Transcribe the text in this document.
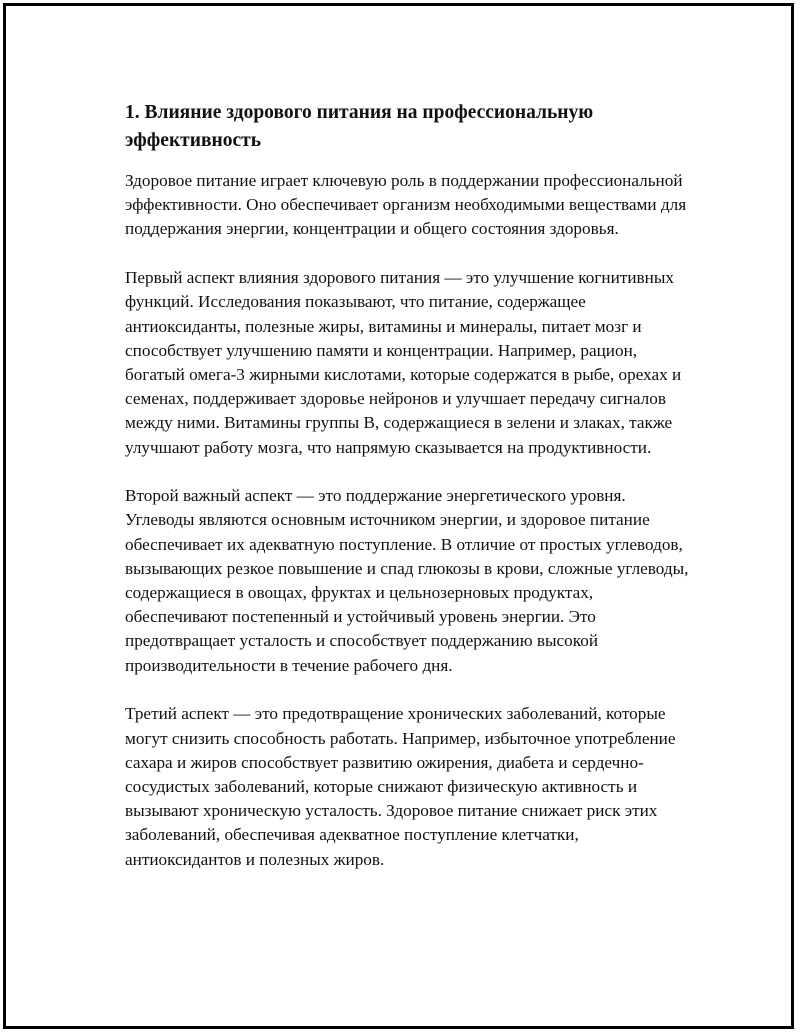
1. Влияние здорового питания на профессиональную эффективность

Здоровое питание играет ключевую роль в поддержании профессиональной эффективности. Оно обеспечивает организм необходимыми веществами для поддержания энергии, концентрации и общего состояния здоровья.

Первый аспект влияния здорового питания — это улучшение когнитивных функций. Исследования показывают, что питание, содержащее антиоксиданты, полезные жиры, витамины и минералы, питает мозг и способствует улучшению памяти и концентрации. Например, рацион, богатый омега-3 жирными кислотами, которые содержатся в рыбе, орехах и семенах, поддерживает здоровье нейронов и улучшает передачу сигналов между ними. Витамины группы B, содержащиеся в зелени и злаках, также улучшают работу мозга, что напрямую сказывается на продуктивности.

Второй важный аспект — это поддержание энергетического уровня. Углеводы являются основным источником энергии, и здоровое питание обеспечивает их адекватную поступление. В отличие от простых углеводов, вызывающих резкое повышение и спад глюкозы в крови, сложные углеводы, содержащиеся в овощах, фруктах и цельнозерновых продуктах, обеспечивают постепенный и устойчивый уровень энергии. Это предотвращает усталость и способствует поддержанию высокой производительности в течение рабочего дня.

Третий аспект — это предотвращение хронических заболеваний, которые могут снизить способность работать. Например, избыточное употребление сахара и жиров способствует развитию ожирения, диабета и сердечно-сосудистых заболеваний, которые снижают физическую активность и вызывают хроническую усталость. Здоровое питание снижает риск этих заболеваний, обеспечивая адекватное поступление клетчатки, антиоксидантов и полезных жиров.
